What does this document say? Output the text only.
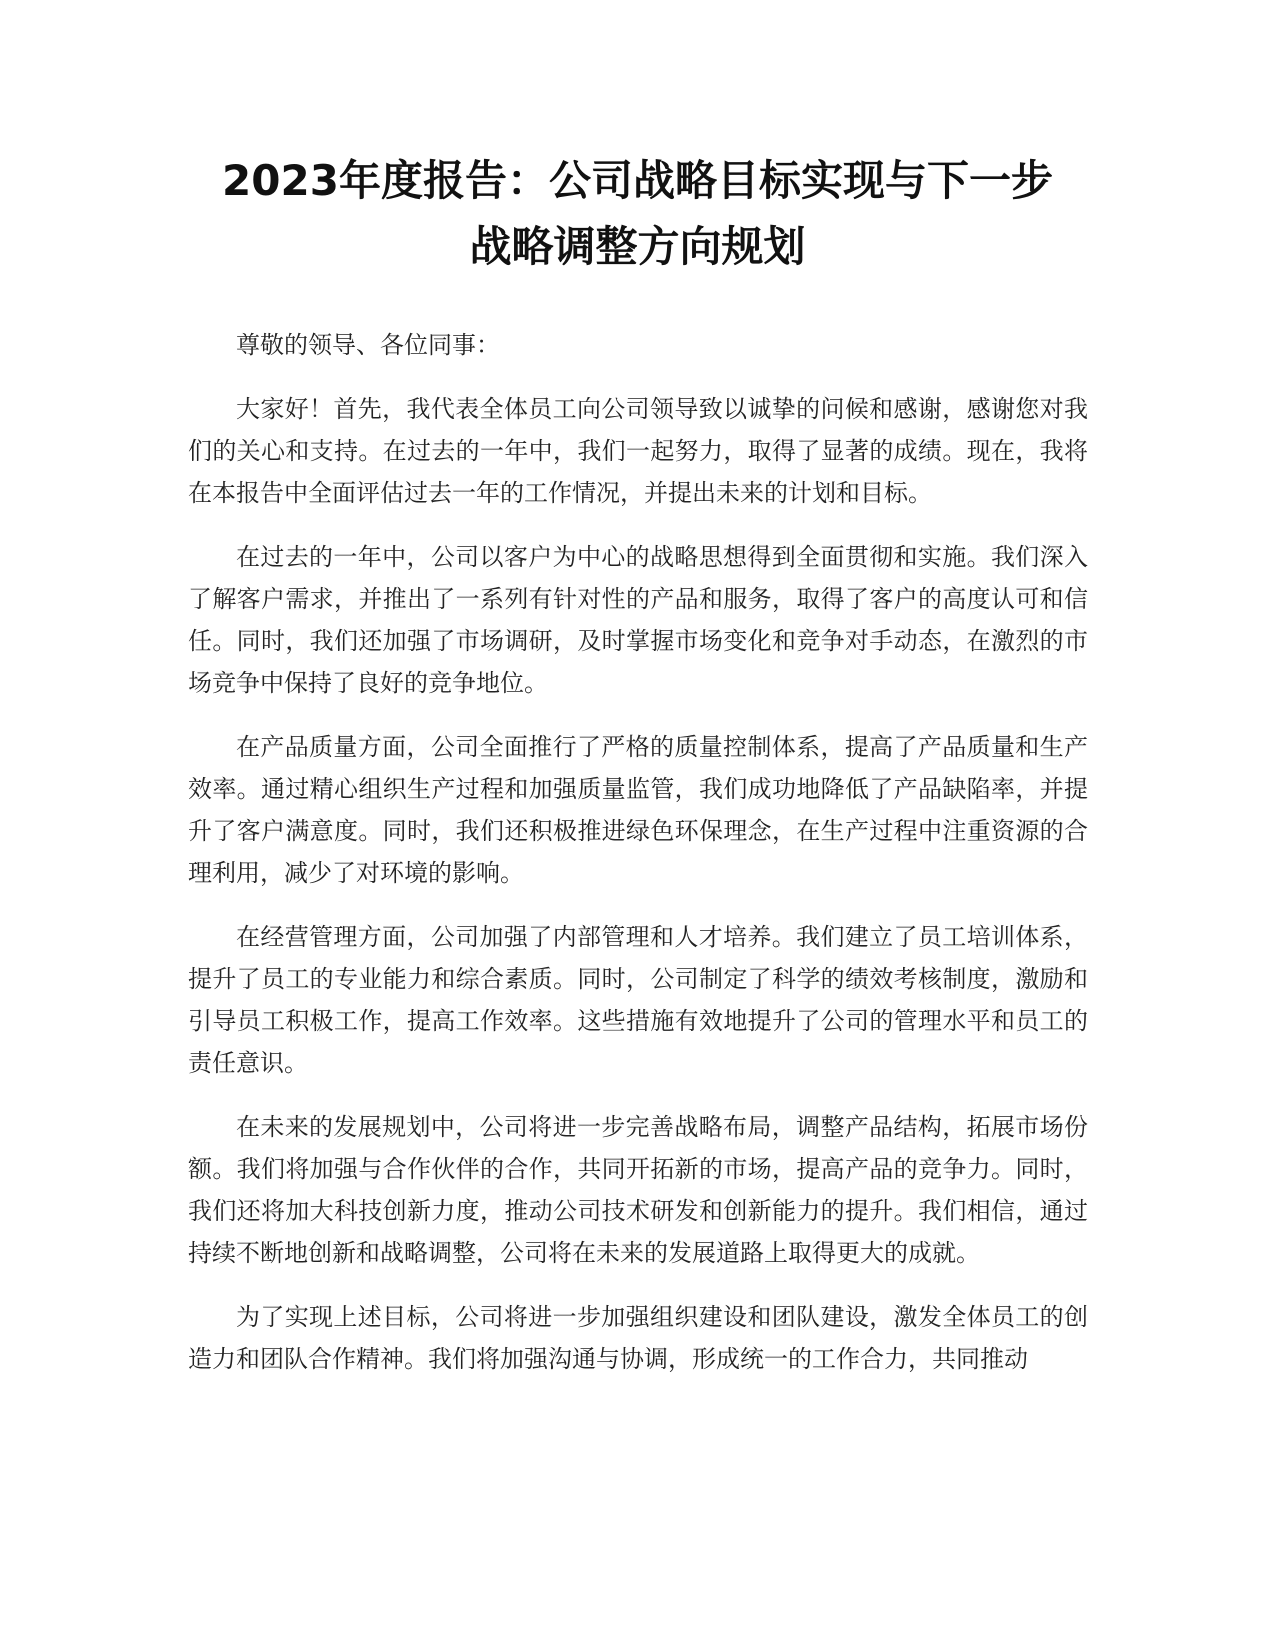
2023年度报告：公司战略目标实现与下一步
战略调整方向规划

尊敬的领导、各位同事：

大家好！首先，我代表全体员工向公司领导致以诚挚的问候和感谢，感谢您对我们的关心和支持。在过去的一年中，我们一起努力，取得了显著的成绩。现在，我将在本报告中全面评估过去一年的工作情况，并提出未来的计划和目标。

在过去的一年中，公司以客户为中心的战略思想得到全面贯彻和实施。我们深入了解客户需求，并推出了一系列有针对性的产品和服务，取得了客户的高度认可和信任。同时，我们还加强了市场调研，及时掌握市场变化和竞争对手动态，在激烈的市场竞争中保持了良好的竞争地位。

在产品质量方面，公司全面推行了严格的质量控制体系，提高了产品质量和生产效率。通过精心组织生产过程和加强质量监管，我们成功地降低了产品缺陷率，并提升了客户满意度。同时，我们还积极推进绿色环保理念，在生产过程中注重资源的合理利用，减少了对环境的影响。

在经营管理方面，公司加强了内部管理和人才培养。我们建立了员工培训体系，提升了员工的专业能力和综合素质。同时，公司制定了科学的绩效考核制度，激励和引导员工积极工作，提高工作效率。这些措施有效地提升了公司的管理水平和员工的责任意识。

在未来的发展规划中，公司将进一步完善战略布局，调整产品结构，拓展市场份额。我们将加强与合作伙伴的合作，共同开拓新的市场，提高产品的竞争力。同时，我们还将加大科技创新力度，推动公司技术研发和创新能力的提升。我们相信，通过持续不断地创新和战略调整，公司将在未来的发展道路上取得更大的成就。

为了实现上述目标，公司将进一步加强组织建设和团队建设，激发全体员工的创造力和团队合作精神。我们将加强沟通与协调，形成统一的工作合力，共同推动
